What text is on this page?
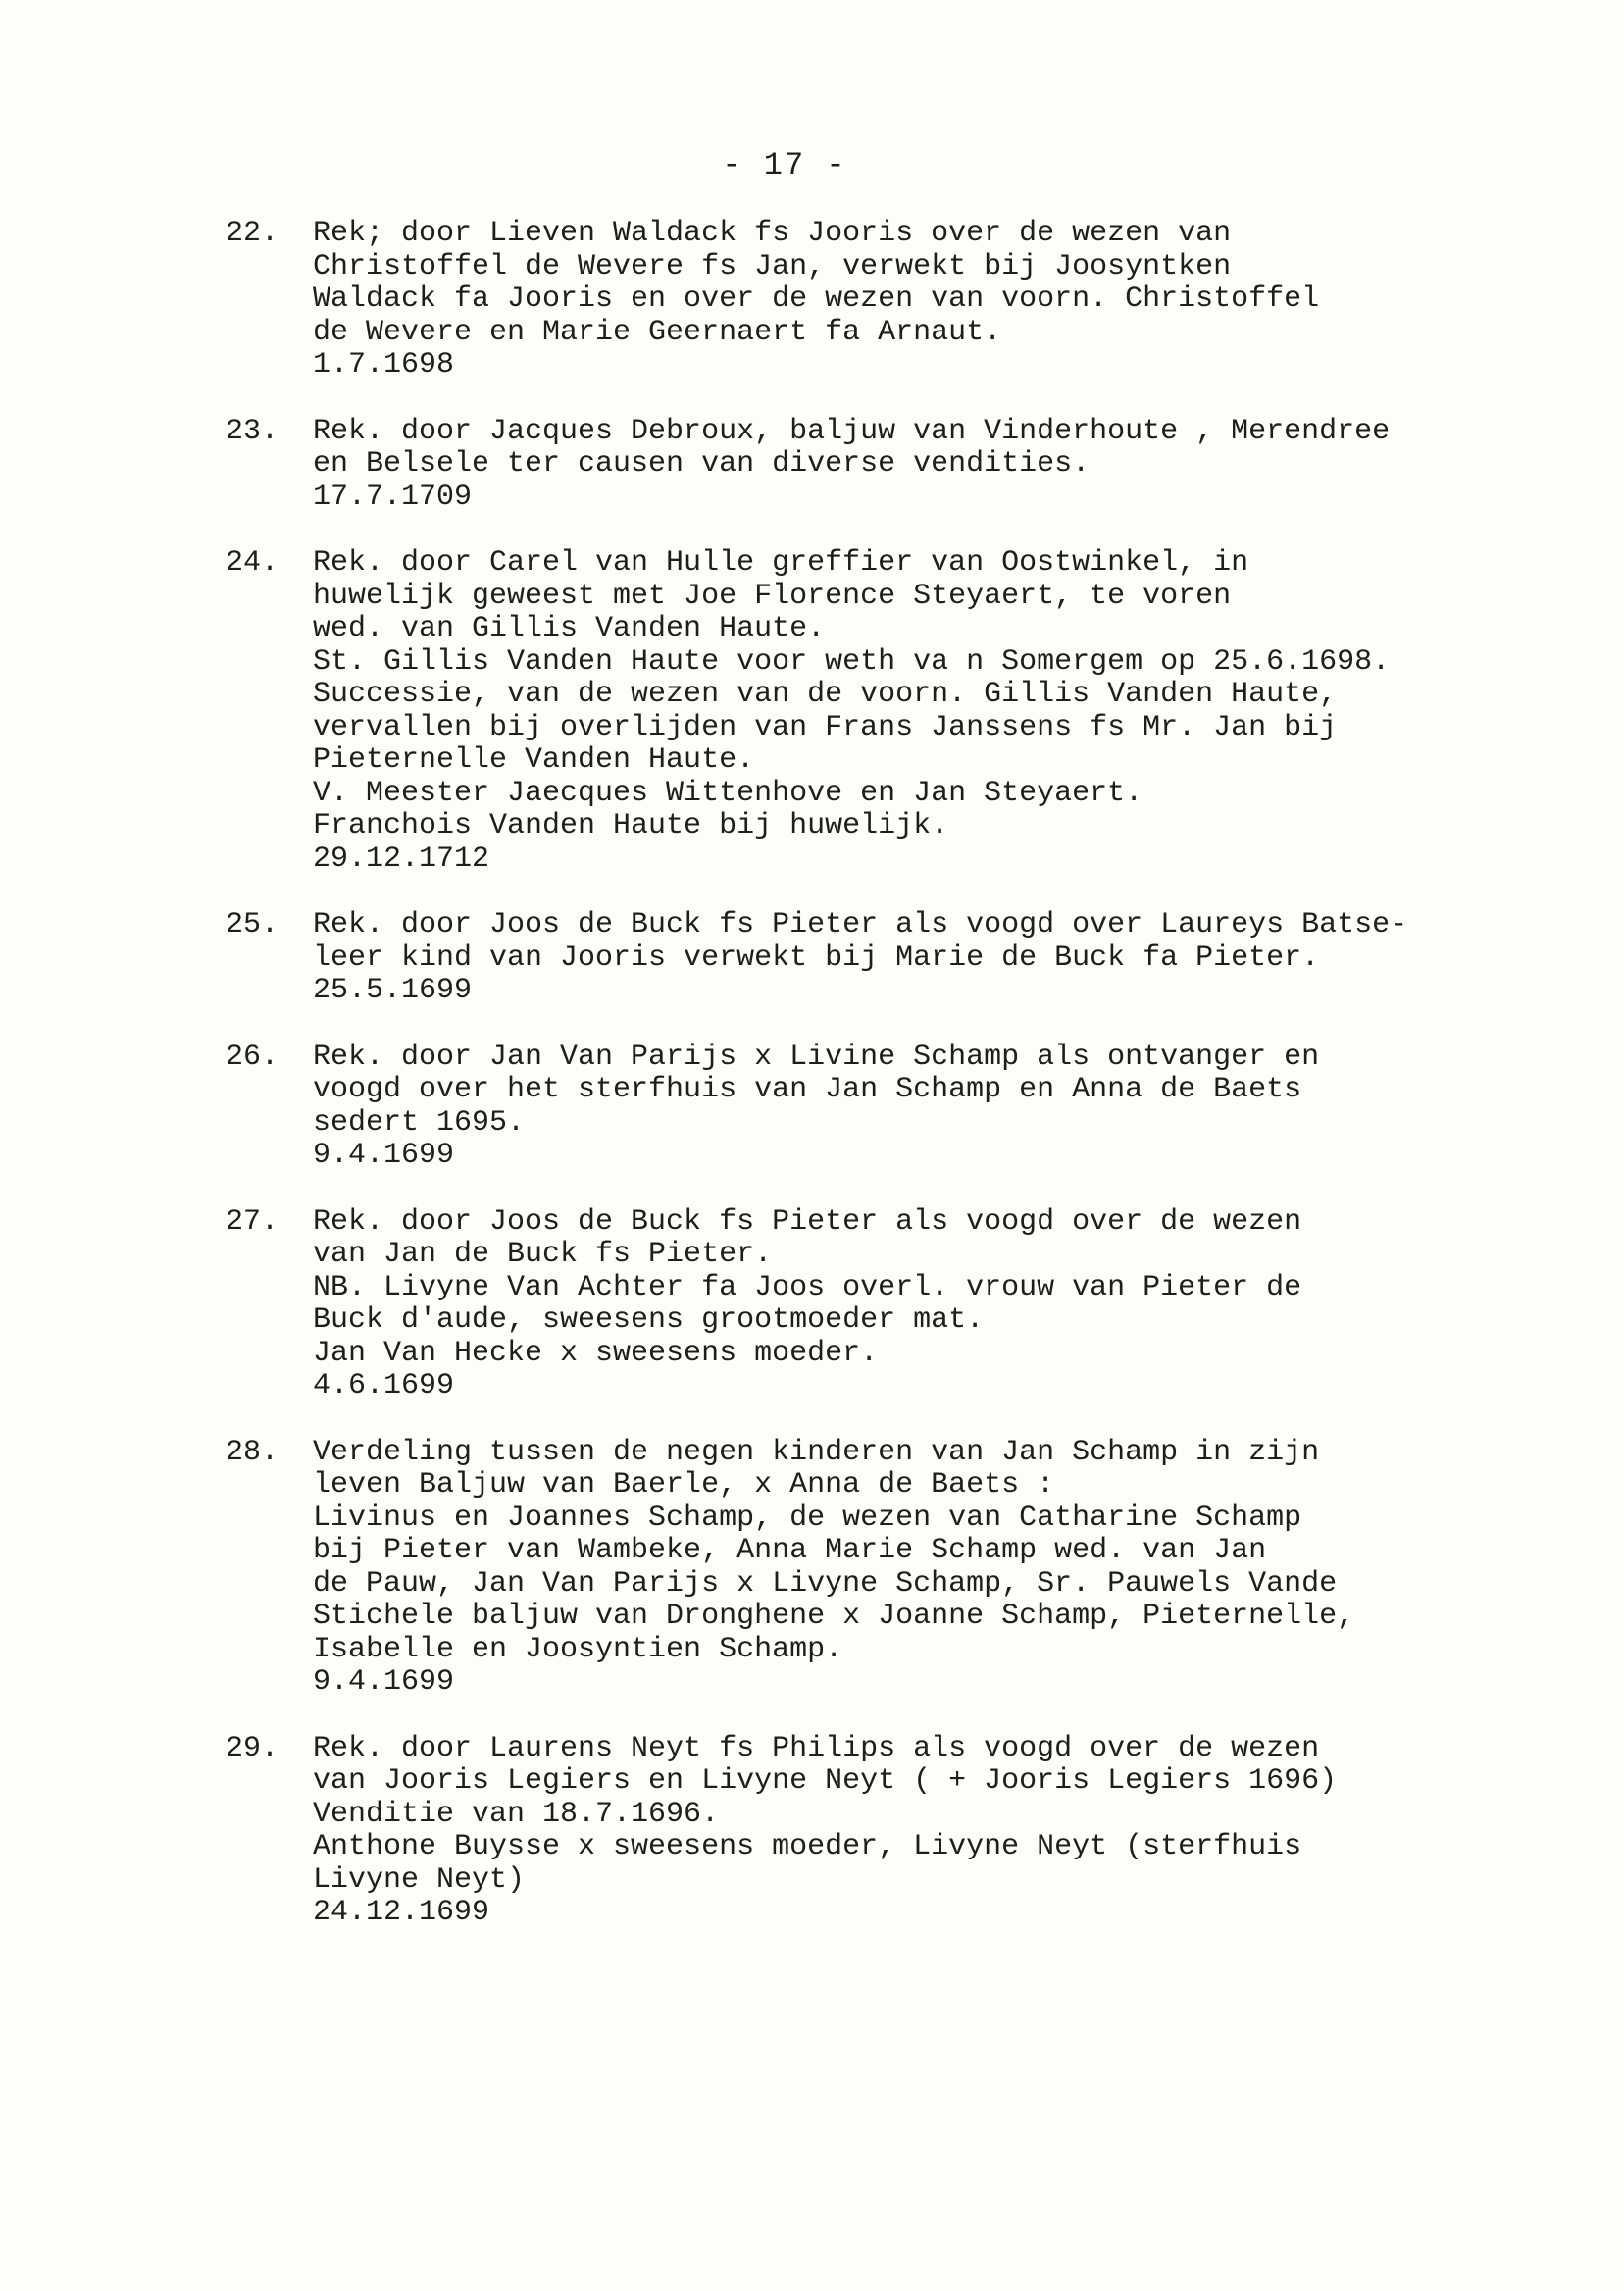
- 17 -
22. Rek; door Lieven Waldack fs Jooris over de wezen van
Christoffel de Wevere fs Jan, verwekt bij Joosyntken
Waldack fa Jooris en over de wezen van voorn. Christoffel
de Wevere en Marie Geernaert fa Arnaut.
1.7.1698
23. Rek. door Jacques Debroux, baljuw van Vinderhoute , Merendree
en Belsele ter causen van diverse vendities.
17.7.1709
24. Rek. door Carel van Hulle greffier van Oostwinkel, in
huwelijk geweest met Joe Florence Steyaert, te voren
wed. van Gillis Vanden Haute.
St. Gillis Vanden Haute voor weth va n Somergem op 25.6.1698.
Successie, van de wezen van de voorn. Gillis Vanden Haute,
vervallen bij overlijden van Frans Janssens fs Mr. Jan bij
Pieternelle Vanden Haute.
V. Meester Jaecques Wittenhove en Jan Steyaert.
Franchois Vanden Haute bij huwelijk.
29.12.1712
25. Rek. door Joos de Buck fs Pieter als voogd over Laureys Batse-
leer kind van Jooris verwekt bij Marie de Buck fa Pieter.
25.5.1699
26. Rek. door Jan Van Parijs x Livine Schamp als ontvanger en
voogd over het sterfhuis van Jan Schamp en Anna de Baets
sedert 1695.
9.4.1699
27. Rek. door Joos de Buck fs Pieter als voogd over de wezen
van Jan de Buck fs Pieter.
NB. Livyne Van Achter fa Joos overl. vrouw van Pieter de
Buck d'aude, sweesens grootmoeder mat.
Jan Van Hecke x sweesens moeder.
4.6.1699
28. Verdeling tussen de negen kinderen van Jan Schamp in zijn
leven Baljuw van Baerle, x Anna de Baets :
Livinus en Joannes Schamp, de wezen van Catharine Schamp
bij Pieter van Wambeke, Anna Marie Schamp wed. van Jan
de Pauw, Jan Van Parijs x Livyne Schamp, Sr. Pauwels Vande
Stichele baljuw van Dronghene x Joanne Schamp, Pieternelle,
Isabelle en Joosyntien Schamp.
9.4.1699
29. Rek. door Laurens Neyt fs Philips als voogd over de wezen
van Jooris Legiers en Livyne Neyt ( + Jooris Legiers 1696)
Venditie van 18.7.1696.
Anthone Buysse x sweesens moeder, Livyne Neyt (sterfhuis
Livyne Neyt)
24.12.1699
